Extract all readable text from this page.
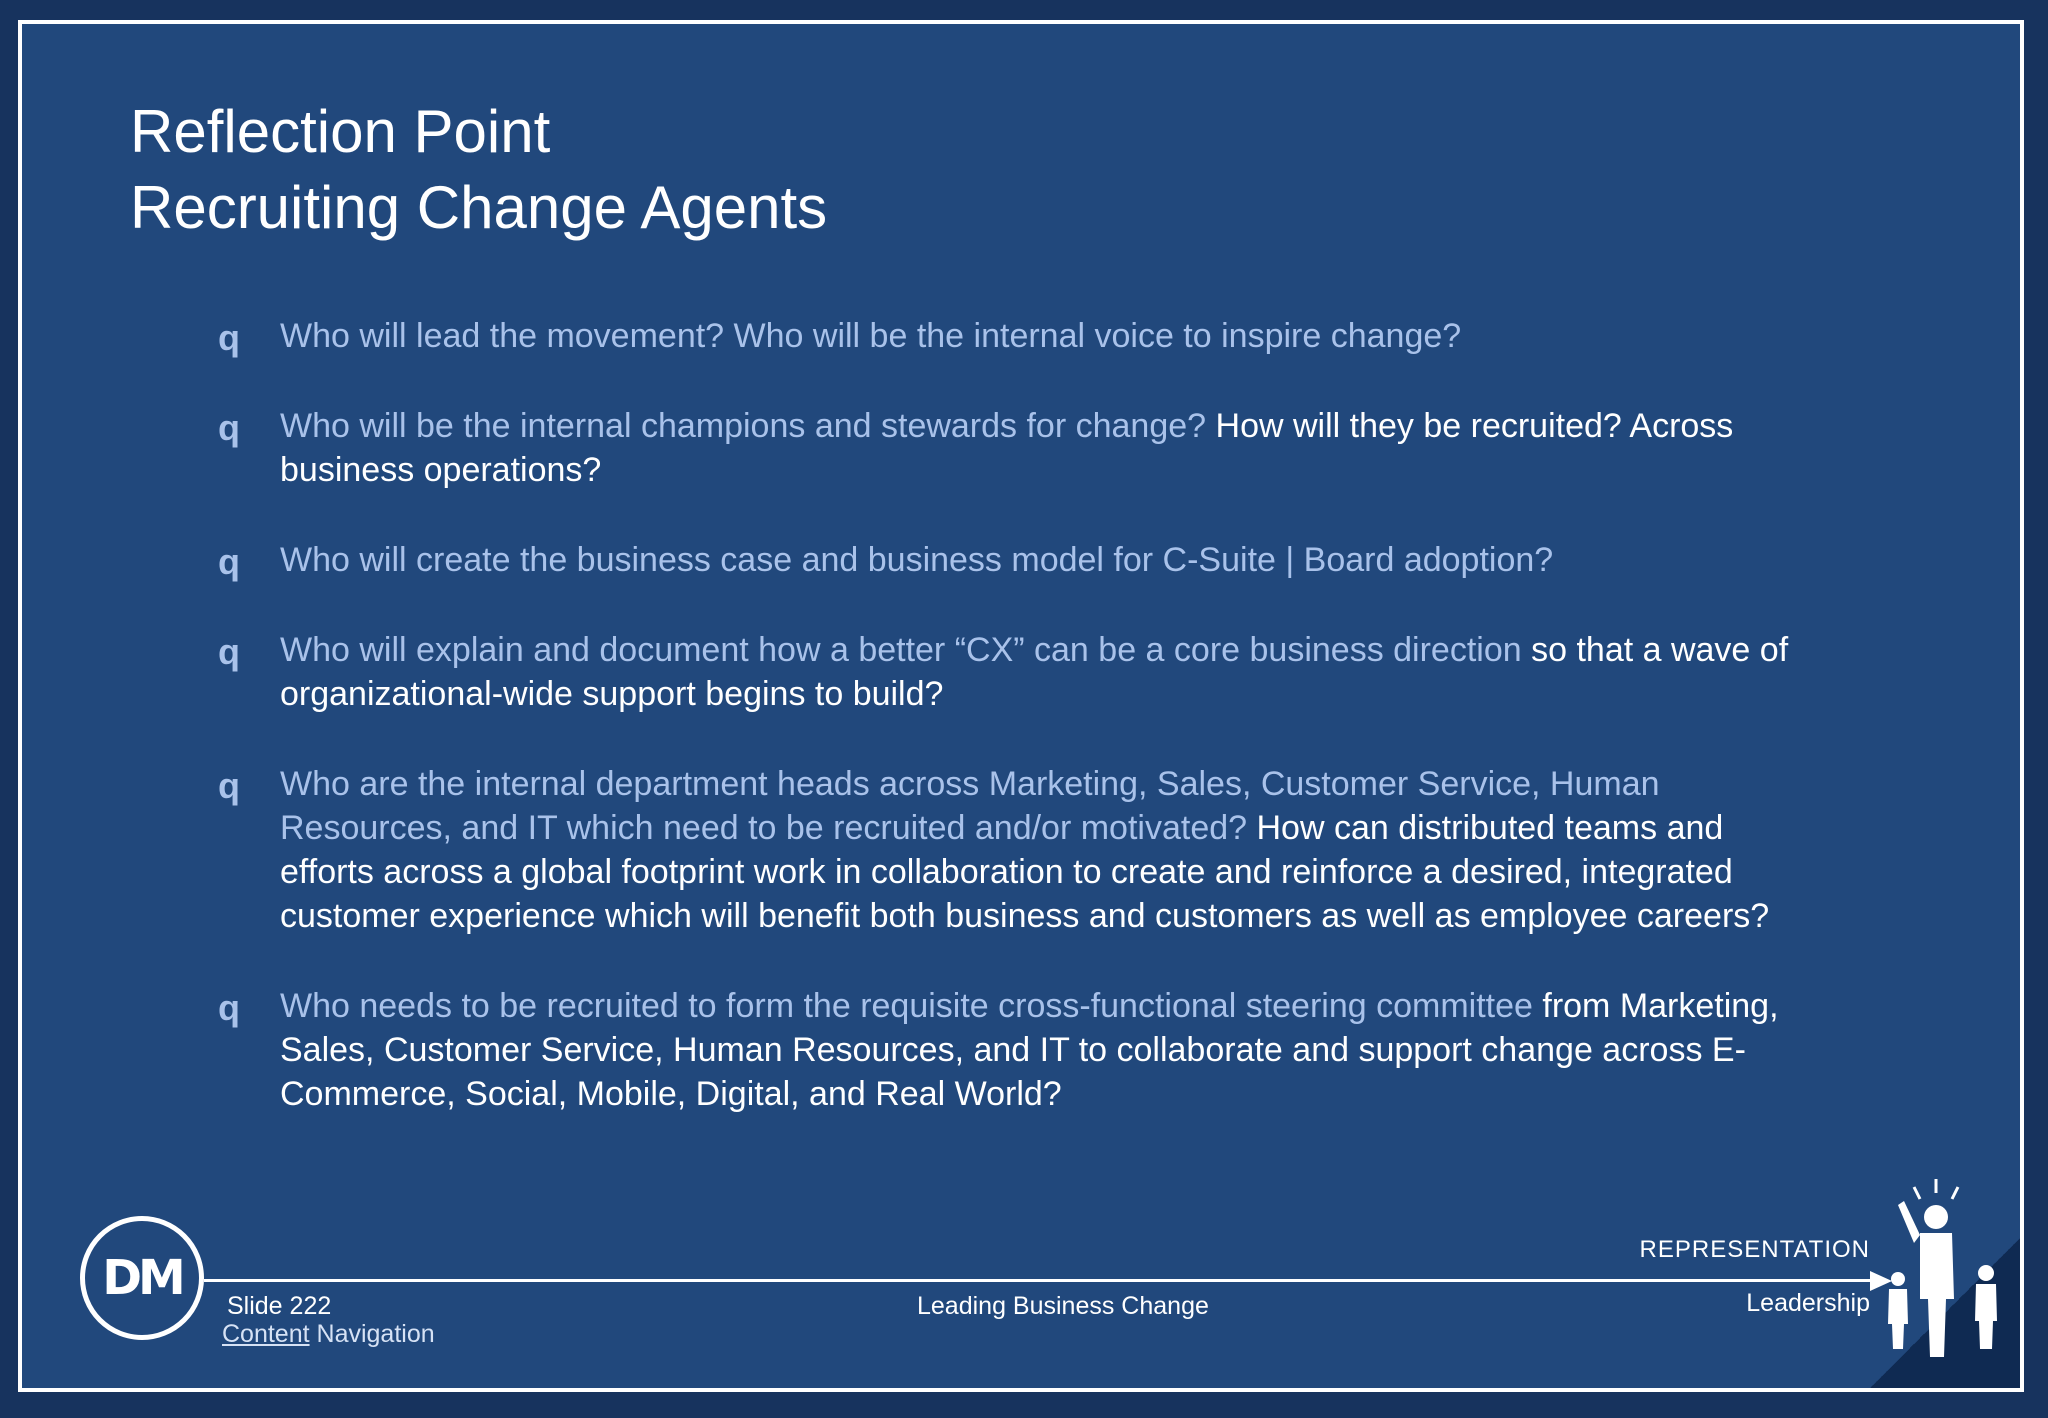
Reflection Point
Recruiting Change Agents
q Who will lead the movement? Who will be the internal voice to inspire change?
q Who will be the internal champions and stewards for change? How will they be recruited? Across business operations?
q Who will create the business case and business model for C-Suite | Board adoption?
q Who will explain and document how a better “CX” can be a core business direction so that a wave of organizational-wide support begins to build?
q Who are the internal department heads across Marketing, Sales, Customer Service, Human Resources, and IT which need to be recruited and/or motivated? How can distributed teams and efforts across a global footprint work in collaboration to create and reinforce a desired, integrated customer experience which will benefit both business and customers as well as employee careers?
q Who needs to be recruited to form the requisite cross-functional steering committee from Marketing, Sales, Customer Service, Human Resources, and IT to collaborate and support change across E-Commerce, Social, Mobile, Digital, and Real World?
DM	Slide 222
Content Navigation
Leading Business Change
REPRESENTATION
Leadership
